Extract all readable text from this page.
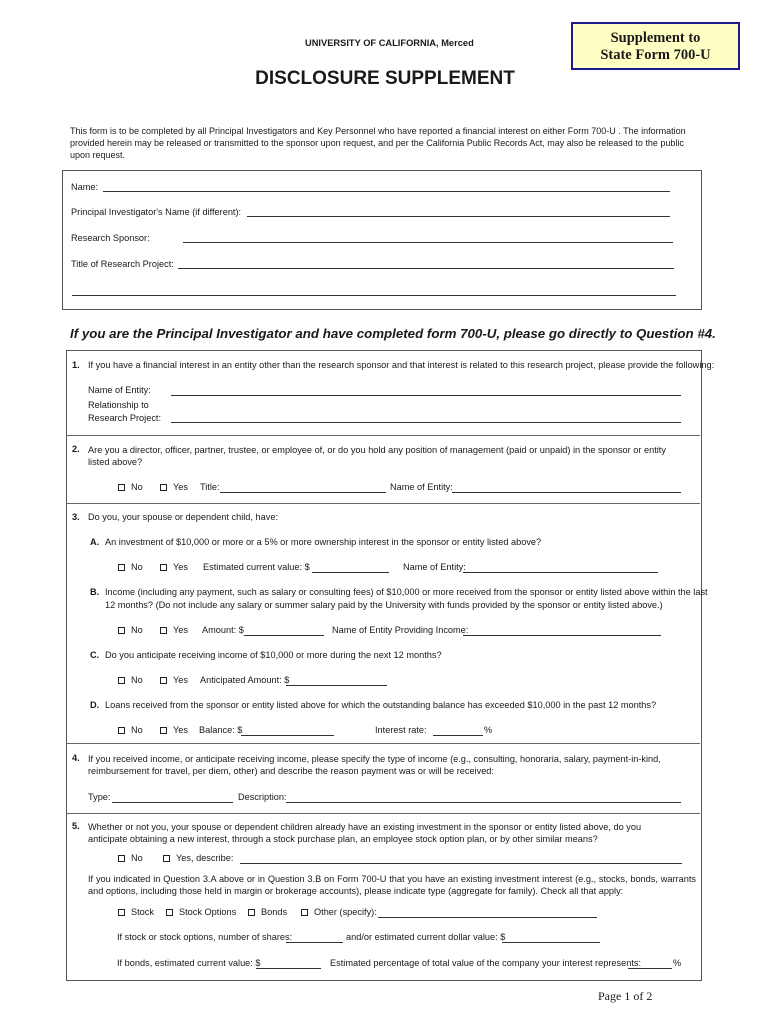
UNIVERSITY OF CALIFORNIA, Merced	Supplement to
State Form 700-U
DISCLOSURE SUPPLEMENT
This form is to be completed by all Principal Investigators and Key Personnel who have reported a financial interest on either Form 700-U . The information provided herein may be released or transmitted to the sponsor upon request, and per the California Public Records Act, may also be released to the public upon request.
Name:
Principal Investigator's Name (if different):
Research Sponsor:
Title of Research Project:
If you are the Principal Investigator and have completed form 700-U, please go directly to Question #4.
1. If you have a financial interest in an entity other than the research sponsor and that interest is related to this research project, please provide the following:
Name of Entity:
Relationship to
Research Project:
2. Are you a director, officer, partner, trustee, or employee of, or do you hold any position of management (paid or unpaid) in the sponsor or entity listed above?
No	Yes Title:	Name of Entity:
3. Do you, your spouse or dependent child, have:
A. An investment of $10,000 or more or a 5% or more ownership interest in the sponsor or entity listed above?
No	Yes Estimated current value: $	Name of Entity:
B. Income (including any payment, such as salary or consulting fees) of $10,000 or more received from the sponsor or entity listed above within the last
12 months? (Do not include any salary or summer salary paid by the University with funds provided by the sponsor or entity listed above.)
No	Yes Amount: $	Name of Entity Providing Income:
C. Do you anticipate receiving income of $10,000 or more during the next 12 months?
No	Yes Anticipated Amount: $
D. Loans received from the sponsor or entity listed above for which the outstanding balance has exceeded $10,000 in the past 12 months?
No	Yes Balance: $	Interest rate:	%
4. If you received income, or anticipate receiving income, please specify the type of income (e.g., consulting, honoraria, salary, payment-in-kind, reimbursement for travel, per diem, other) and describe the reason payment was or will be received:
Type:	Description:
5. Whether or not you, your spouse or dependent children already have an existing investment in the sponsor or entity listed above, do you anticipate obtaining a new interest, through a stock purchase plan, an employee stock option plan, or by other similar means?
No	Yes, describe:
If you indicated in Question 3.A above or in Question 3.B on Form 700-U that you have an existing investment interest (e.g., stocks, bonds, warrants and options, including those held in margin or brokerage accounts), please indicate type (aggregate for family). Check all that apply:
Stock	Stock Options	Bonds	Other (specify):
If stock or stock options, number of shares:	and/or estimated current dollar value: $
If bonds, estimated current value: $	Estimated percentage of total value of the company your interest represents:	%
Page 1 of 2
